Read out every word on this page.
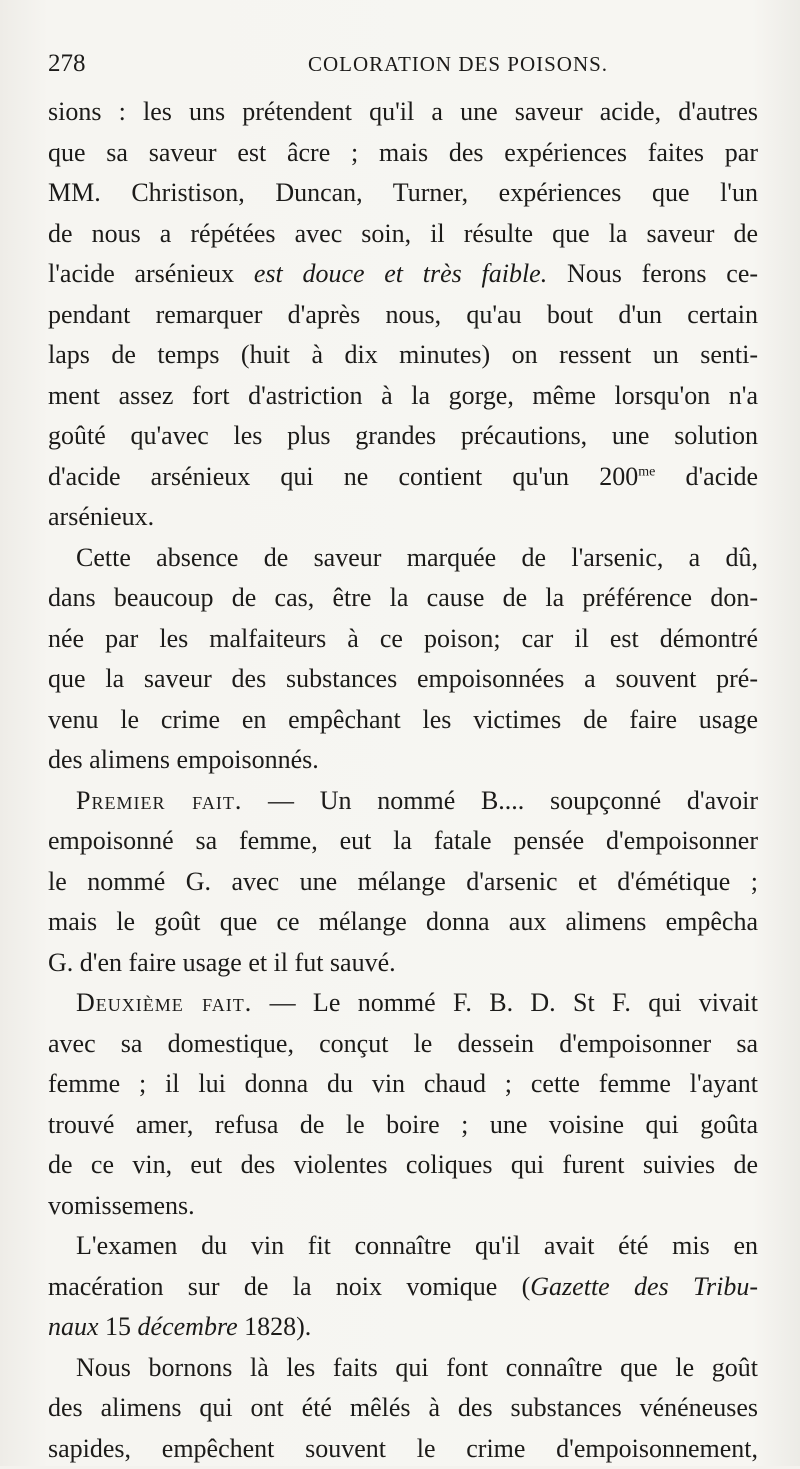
278	COLORATION DES POISONS.
sions : les uns prétendent qu'il a une saveur acide, d'autres
que sa saveur est âcre ; mais des expériences faites par
MM. Christison, Duncan, Turner, expériences que l'un
de nous a répétées avec soin, il résulte que la saveur de
l'acide arsénieux est douce et très faible. Nous ferons ce-
pendant remarquer d'après nous, qu'au bout d'un certain
laps de temps (huit à dix minutes) on ressent un senti-
ment assez fort d'astriction à la gorge, même lorsqu'on n'a
goûté qu'avec les plus grandes précautions, une solution
d'acide arsénieux qui ne contient qu'un $200^{me}$ d'acide
arsénieux.
Cette absence de saveur marquée de l'arsenic, a dû,
dans beaucoup de cas, être la cause de la préférence don-
née par les malfaiteurs à ce poison; car il est démontré
que la saveur des substances empoisonnées a souvent pré-
venu le crime en empêchant les victimes de faire usage
des alimens empoisonnés.
Premier fait. — Un nommé B.... soupçonné d'avoir
empoisonné sa femme, eut la fatale pensée d'empoisonner
le nommé G. avec une mélange d'arsenic et d'émétique ;
mais le goût que ce mélange donna aux alimens empêcha
G. d'en faire usage et il fut sauvé.
Deuxième fait. — Le nommé F. B. D. St F. qui vivait
avec sa domestique, conçut le dessein d'empoisonner sa
femme ; il lui donna du vin chaud ; cette femme l'ayant
trouvé amer, refusa de le boire ; une voisine qui goûta
de ce vin, eut des violentes coliques qui furent suivies de
vomissemens.
L'examen du vin fit connaître qu'il avait été mis en
macération sur de la noix vomique (Gazette des Tribu-
naux 15 décembre 1828).
Nous bornons là les faits qui font connaître que le goût
des alimens qui ont été mêlés à des substances vénéneuses
sapides, empêchent souvent le crime d'empoisonnement,
